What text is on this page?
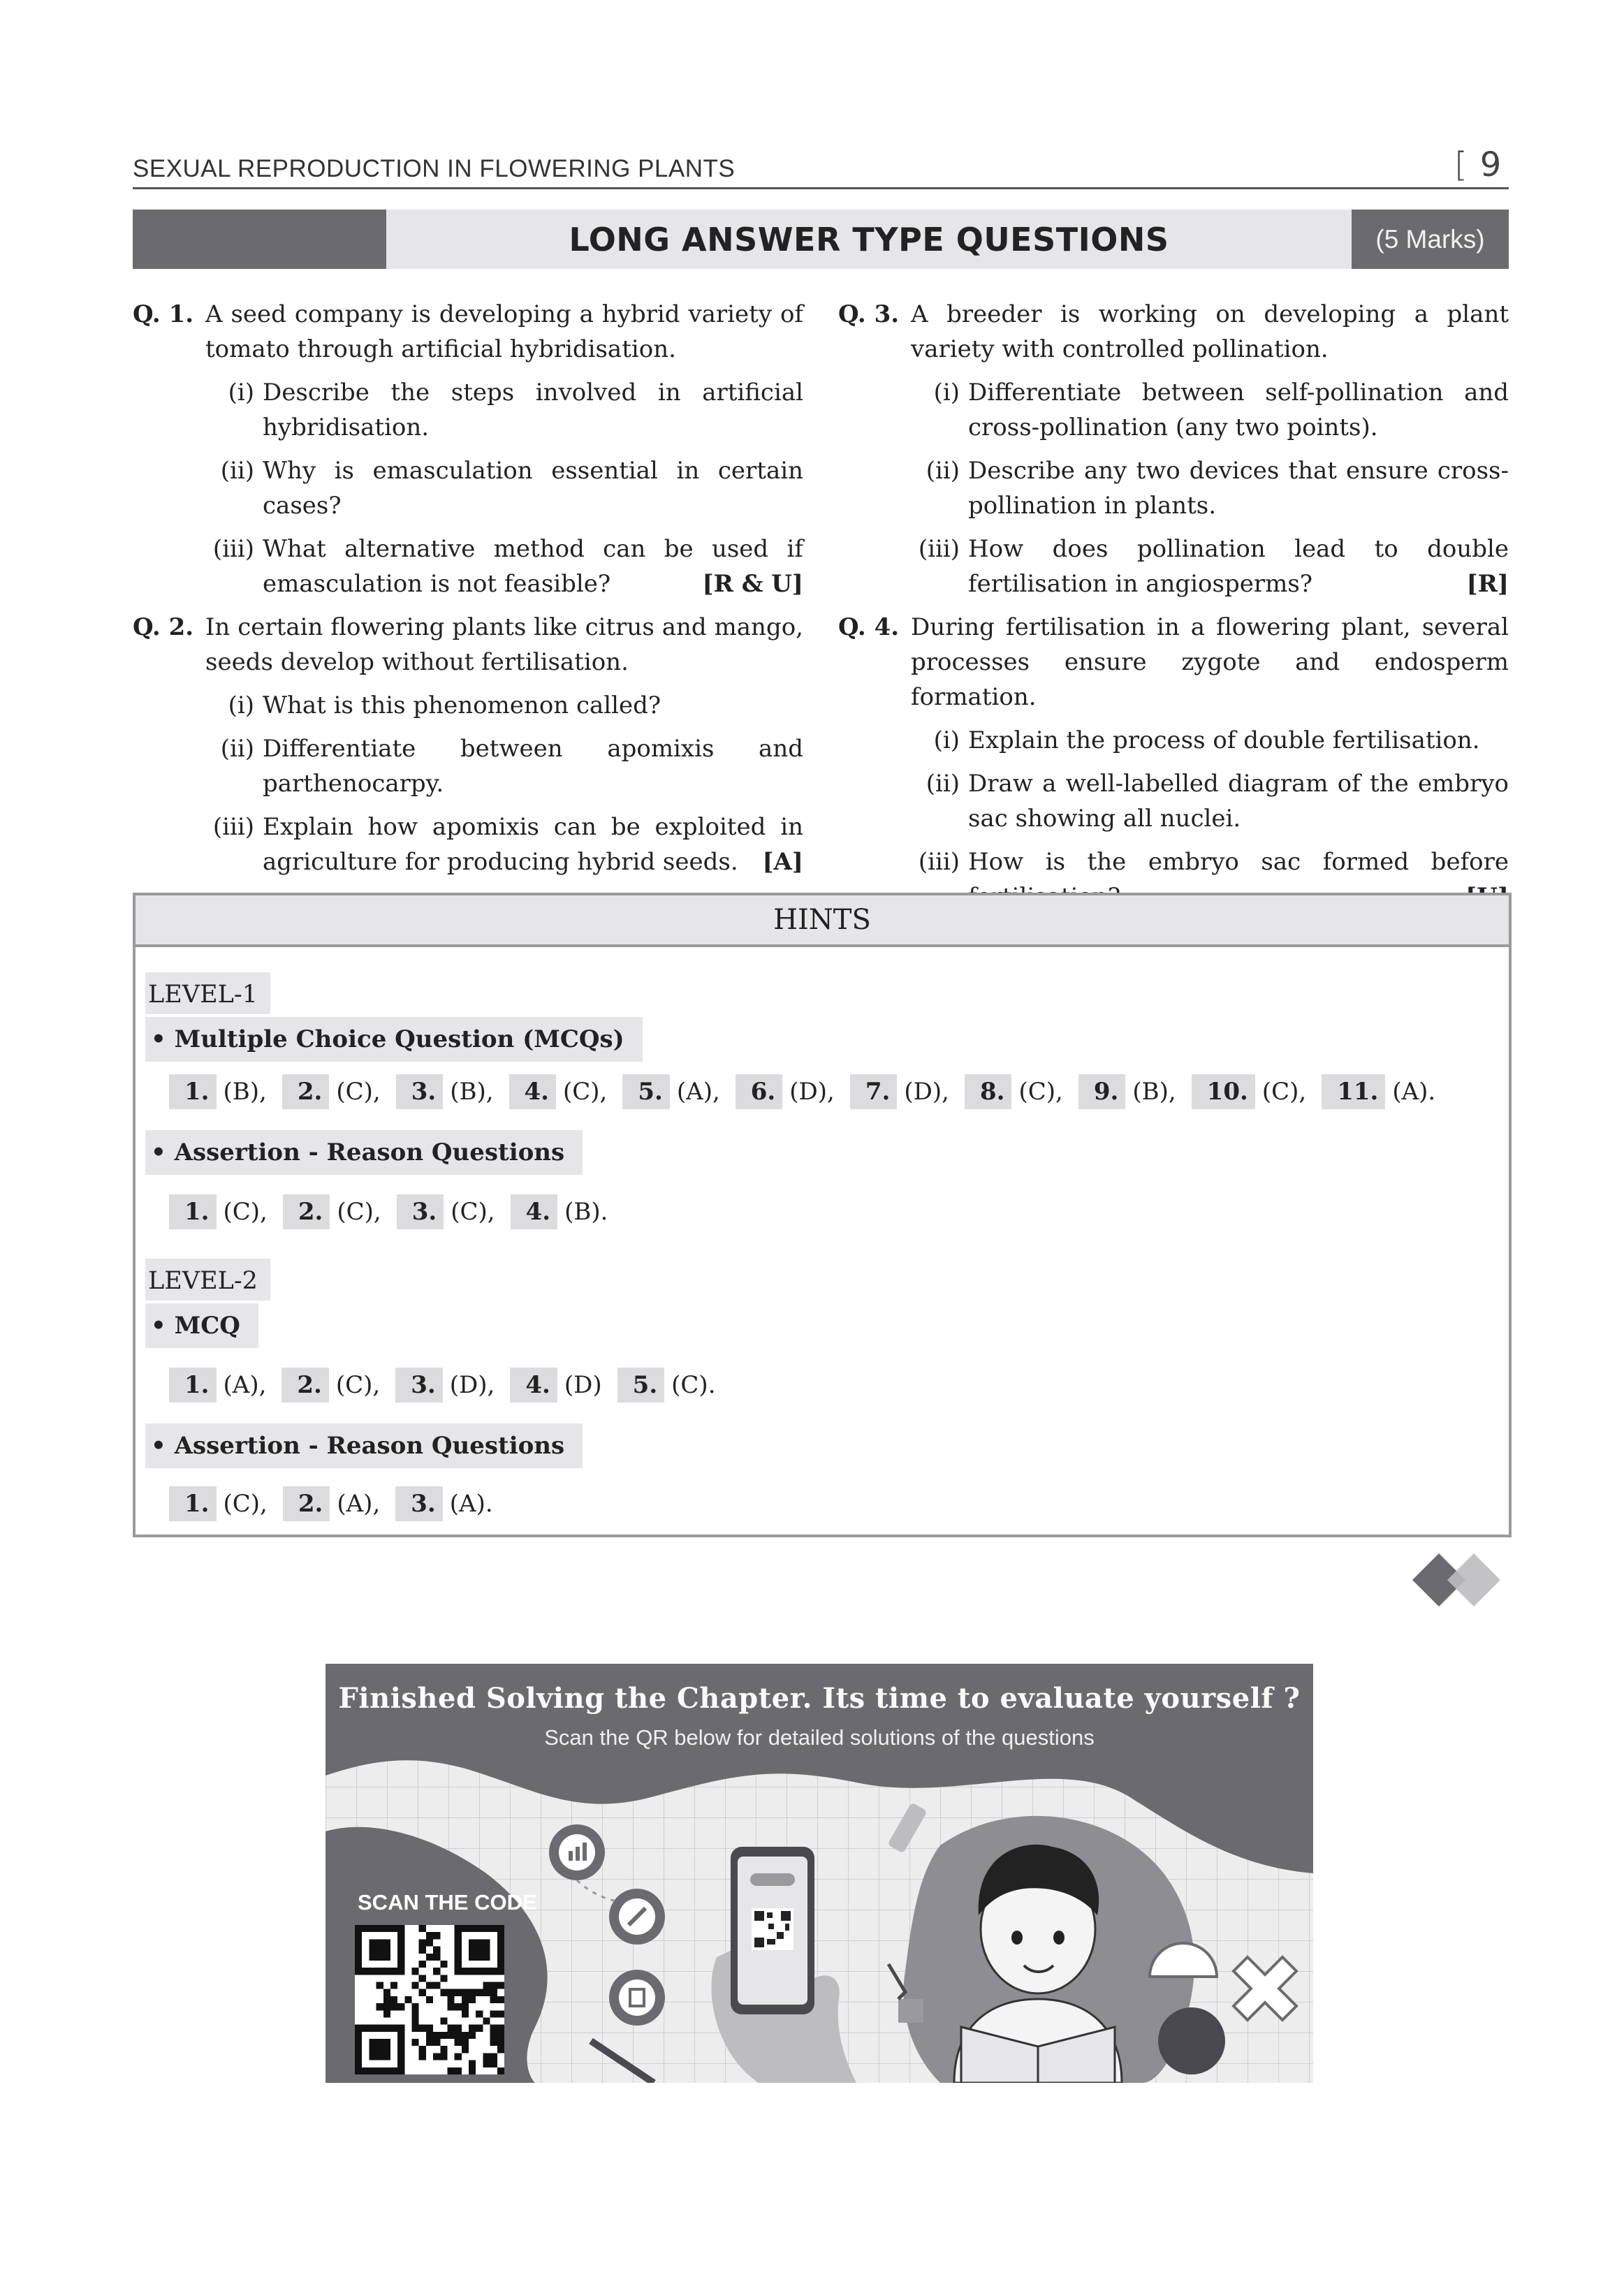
SEXUAL REPRODUCTION IN FLOWERING PLANTS	[ 9
LONG ANSWER TYPE QUESTIONS	(5 Marks)
Q. 1. A seed company is developing a hybrid variety of tomato through artificial hybridisation.
(i) Describe the steps involved in artificial hybridisation.
(ii) Why is emasculation essential in certain cases?
(iii) What alternative method can be used if emasculation is not feasible?	[R & U]
Q. 2. In certain flowering plants like citrus and mango, seeds develop without fertilisation.
(i) What is this phenomenon called?
(ii) Differentiate between apomixis and parthenocarpy.
(iii) Explain how apomixis can be exploited in agriculture for producing hybrid seeds.	[A]
Q. 3. A breeder is working on developing a plant variety with controlled pollination.
(i) Differentiate between self-pollination and cross-pollination (any two points).
(ii) Describe any two devices that ensure cross-pollination in plants.
(iii) How does pollination lead to double fertilisation in angiosperms?	[R]
Q. 4. During fertilisation in a flowering plant, several processes ensure zygote and endosperm formation.
(i) Explain the process of double fertilisation.
(ii) Draw a well-labelled diagram of the embryo sac showing all nuclei.
(iii) How is the embryo sac formed before
HINTS
LEVEL-1
• Multiple Choice Question (MCQs)
1. (B), 2. (C), 3. (B), 4. (C), 5. (A), 6. (D), 7. (D), 8. (C), 9. (B), 10. (C), 11. (A).
• Assertion - Reason Questions
1. (C), 2. (C), 3. (C), 4. (B).
LEVEL-2
• MCQ
1. (A), 2. (C), 3. (D), 4. (D) 5. (C).
• Assertion - Reason Questions
1. (C), 2. (A), 3. (A).
Finished Solving the Chapter. Its time to evaluate yourself ?
Scan the QR below for detailed solutions of the questions
SCAN THE CODE
